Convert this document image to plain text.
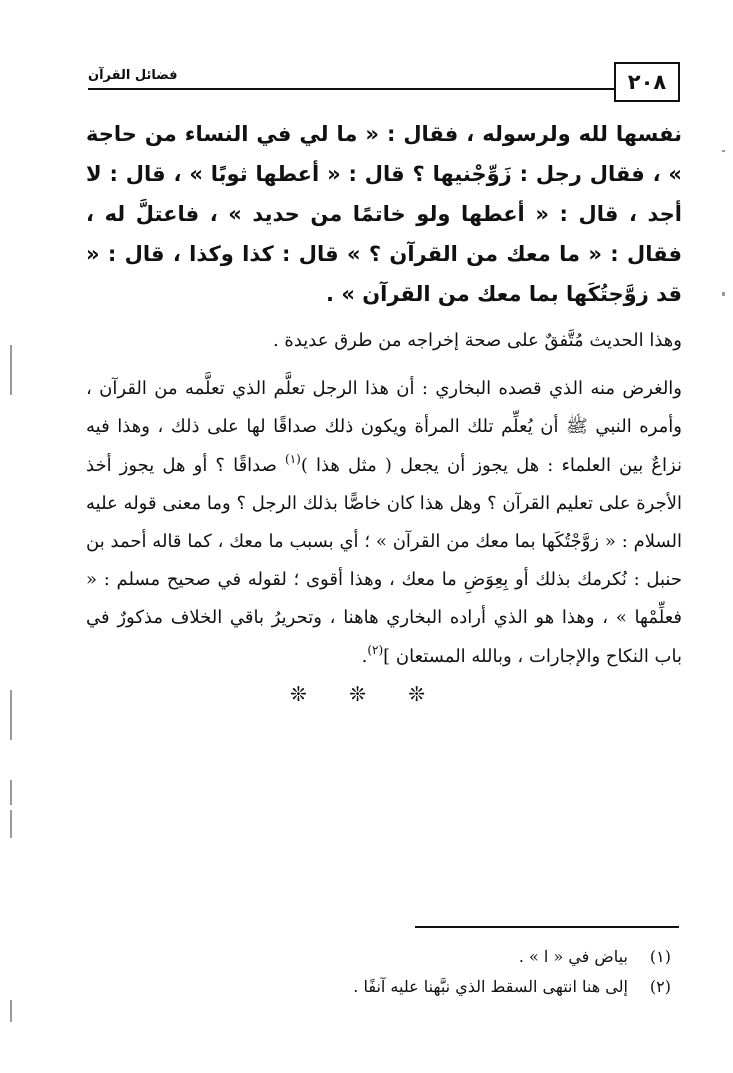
٢٠٨
فضائل القرآن

نفسها لله ولرسوله ، فقال : « ما لي في النساء من حاجة » ، فقال رجل : زَوِّجْنيها ؟ قال : « أعطها ثوبًا » ، قال : لا أجد ، قال : « أعطها ولو خاتمًا من حديد » ، فاعتلَّ له ، فقال : « ما معك من القرآن ؟ » قال : كذا وكذا ، قال : « قد زوَّجتُكَها بما معك من القرآن » .

وهذا الحديث مُتَّفقٌ على صحة إخراجه من طرق عديدة .

والغرض منه الذي قصده البخاري : أن هذا الرجل تعلَّم الذي تعلَّمه من القرآن ، وأمره النبي ﷺ أن يُعلِّم تلك المرأة ويكون ذلك صداقًا لها على ذلك ، وهذا فيه نزاعٌ بين العلماء : هل يجوز أن يجعل ( مثل هذا )$^{(١)}$ صداقًا ؟ أو هل يجوز أخذ الأجرة على تعليم القرآن ؟ وهل هذا كان خاصًّا بذلك الرجل ؟ وما معنى قوله عليه السلام : « زوَّجْتُكَها بما معك من القرآن » ؛ أي بسبب ما معك ، كما قاله أحمد بن حنبل : نُكرمك بذلك أو بِعِوَضِ ما معك ، وهذا أقوى ؛ لقوله في صحيح مسلم : « فعلِّمْها » ، وهذا هو الذي أراده البخاري هاهنا ، وتحريرُ باقي الخلاف مذكورٌ في باب النكاح والإجارات ، وبالله المستعان ]$^{(٢)}$.

❊ ❊ ❊
(١) بياض في « ا » .
(٢) إلى هنا انتهى السقط الذي نبَّهنا عليه آنفًا .
